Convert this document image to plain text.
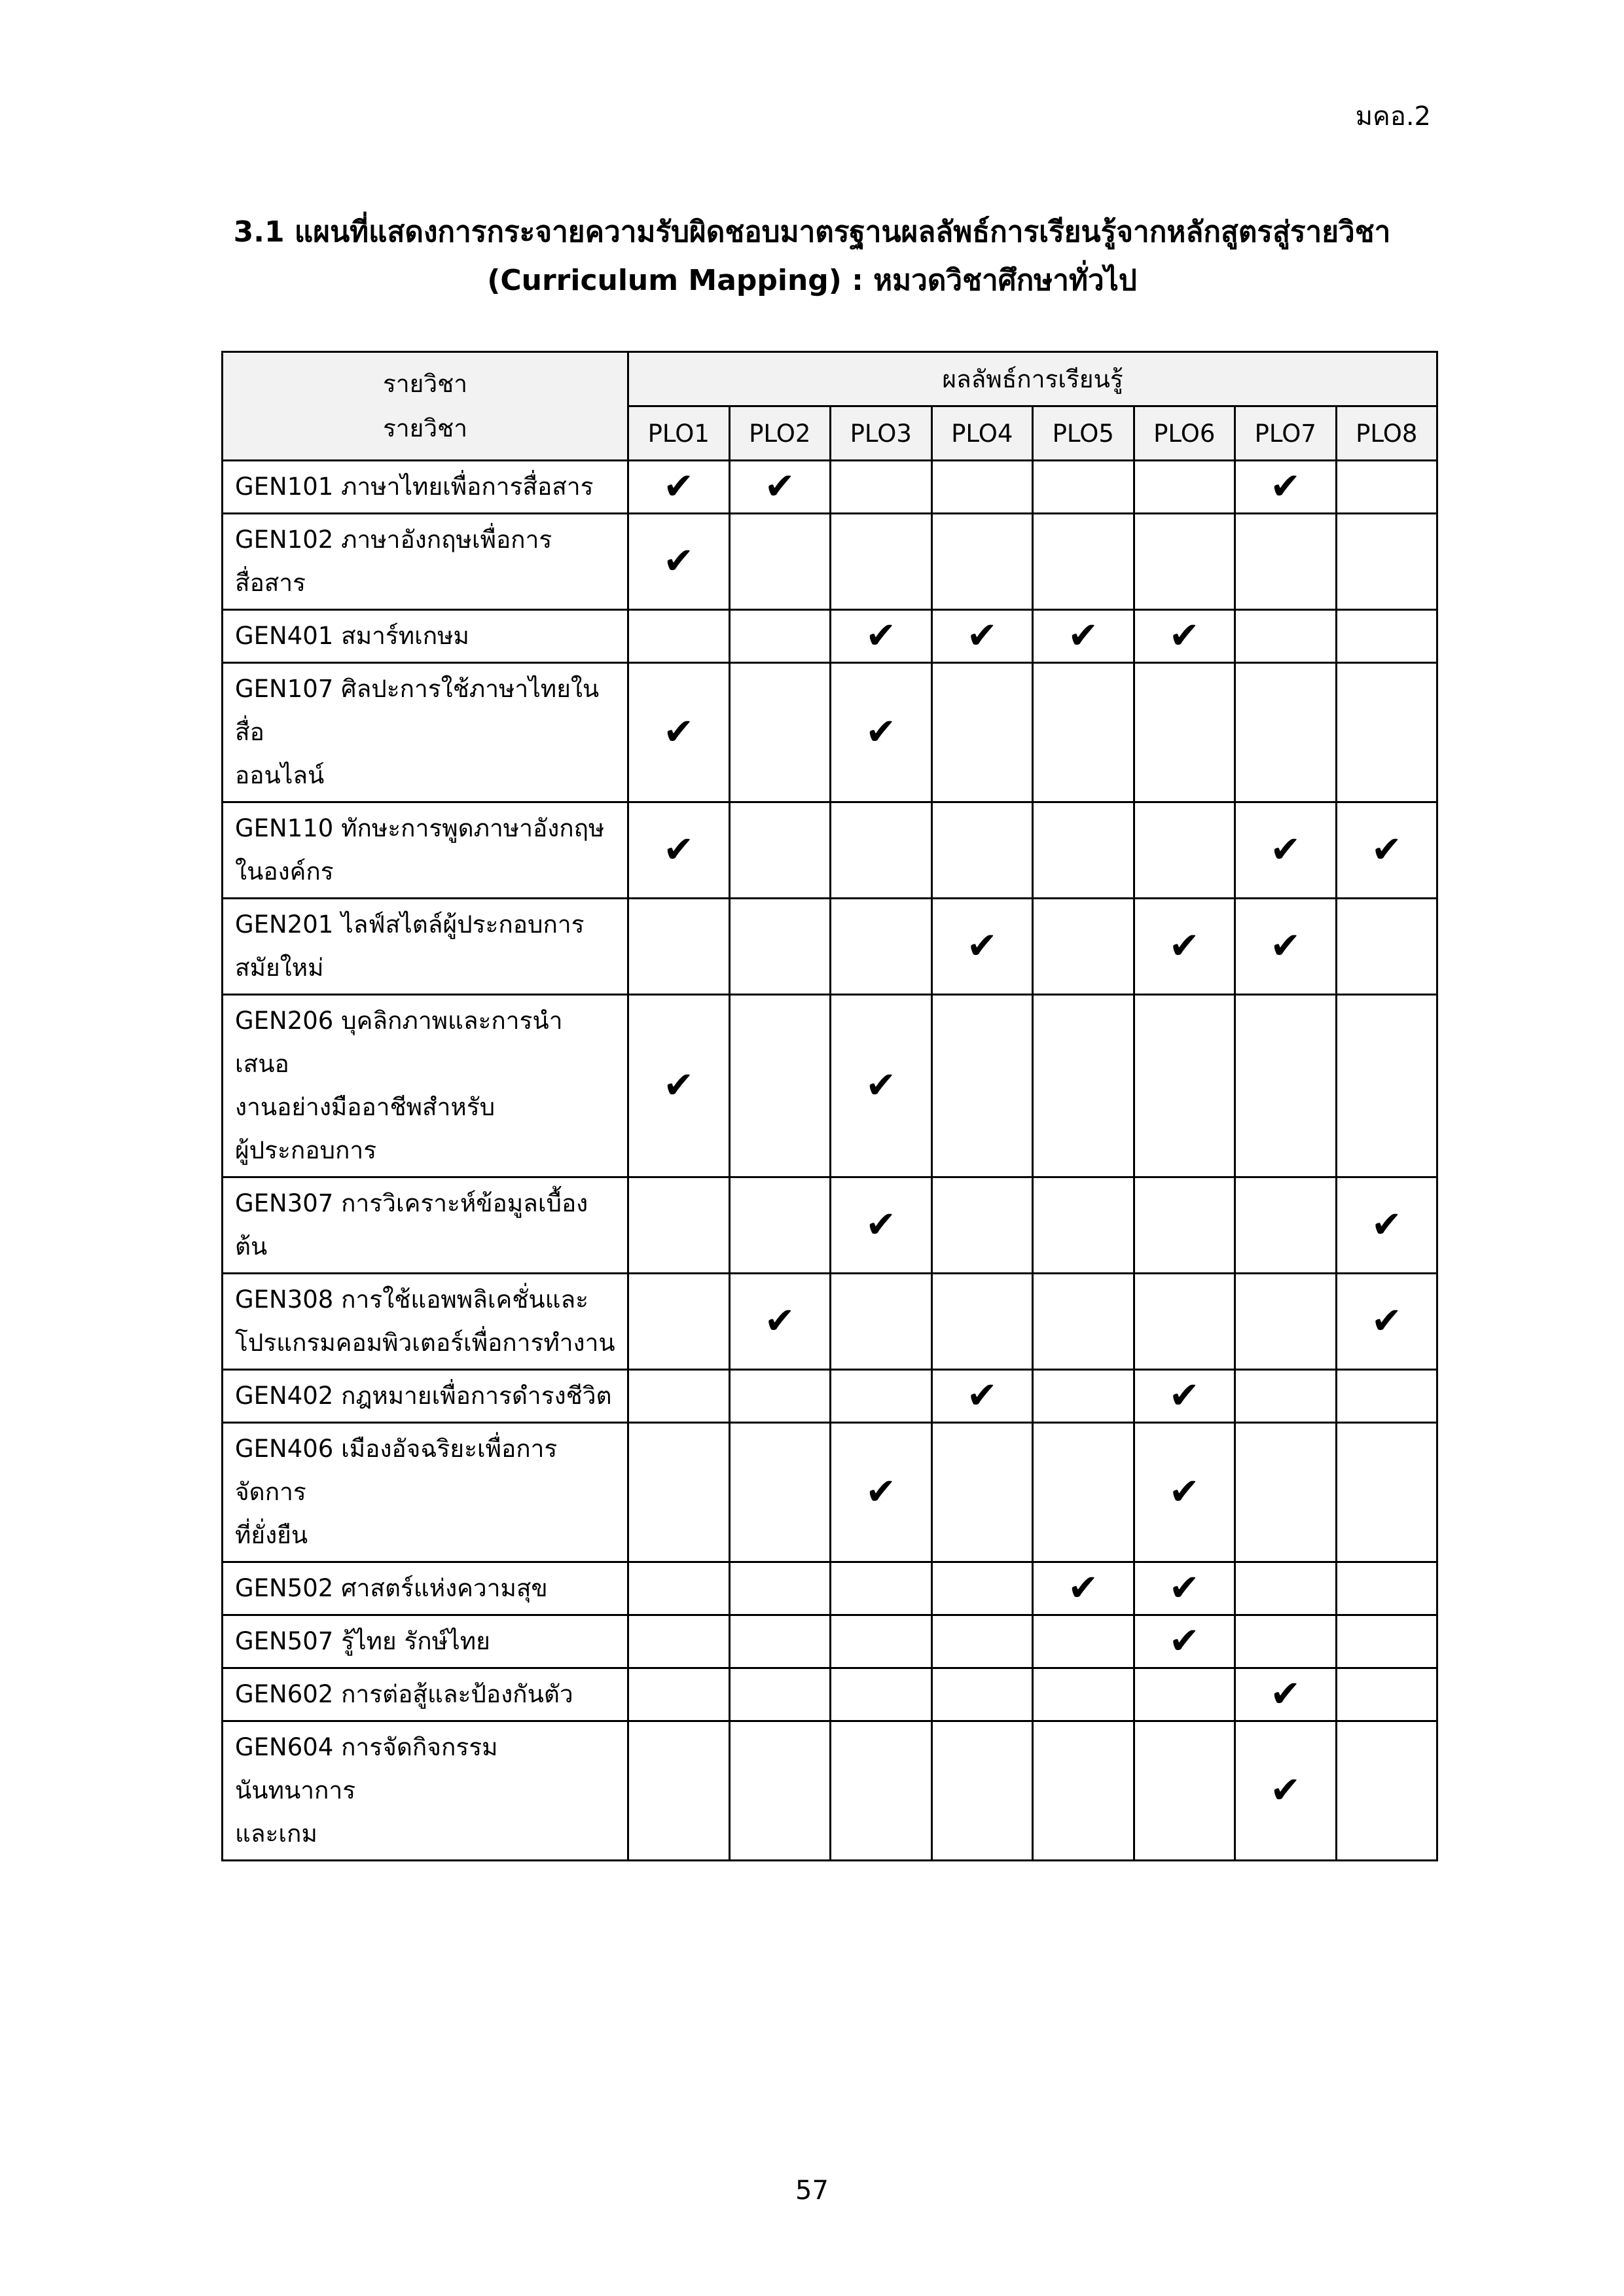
มคอ.2
3.1 แผนที่แสดงการกระจายความรับผิดชอบมาตรฐานผลลัพธ์การเรียนรู้จากหลักสูตรสู่รายวิชา
(Curriculum Mapping) : หมวดวิชาศึกษาทั่วไป
รายวิชา
รายวิชา	ผลลัพธ์การเรียนรู้							
	PLO1	PLO2	PLO3	PLO4	PLO5	PLO6	PLO7	PLO8

GEN101 ภาษาไทยเพื่อการสื่อสาร	✔	✔					✔	

GEN102 ภาษาอังกฤษเพื่อการสื่อสาร	✔							

GEN401 สมาร์ทเกษม			✔	✔	✔	✔		

GEN107 ศิลปะการใช้ภาษาไทยในสื่อ
ออนไลน์	✔		✔					

GEN110 ทักษะการพูดภาษาอังกฤษ
ในองค์กร	✔						✔	✔

GEN201 ไลฟ์สไตล์ผู้ประกอบการ
สมัยใหม่				✔		✔	✔	

GEN206 บุคลิกภาพและการนำเสนอ
งานอย่างมืออาชีพสำหรับ
ผู้ประกอบการ	✔		✔					

GEN307 การวิเคราะห์ข้อมูลเบื้องต้น			✔					✔

GEN308 การใช้แอพพลิเคชั่นและ
โปรแกรมคอมพิวเตอร์เพื่อการทำงาน		✔						✔

GEN402 กฎหมายเพื่อการดำรงชีวิต				✔		✔		

GEN406 เมืองอัจฉริยะเพื่อการจัดการ
ที่ยั่งยืน			✔			✔		

GEN502 ศาสตร์แห่งความสุข					✔	✔		

GEN507 รู้ไทย รักษ์ไทย						✔		

GEN602 การต่อสู้และป้องกันตัว							✔	

GEN604 การจัดกิจกรรมนันทนาการ
และเกม							✔	
57
